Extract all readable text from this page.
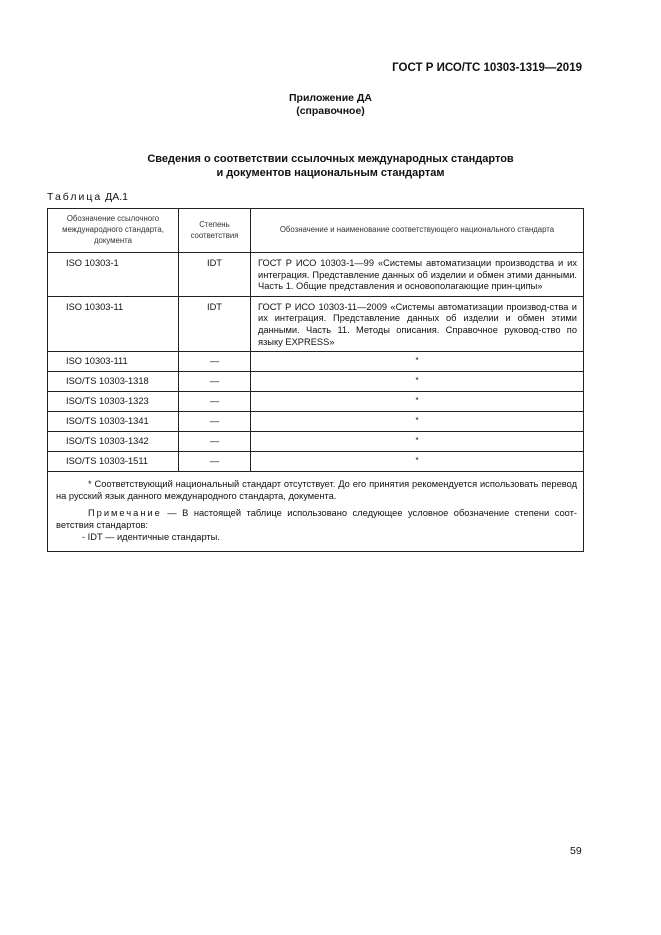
ГОСТ Р ИСО/ТС 10303-1319—2019
Приложение ДА
(справочное)
Сведения о соответствии ссылочных международных стандартов
и документов национальным стандартам
Таблица ДА.1
Обозначение ссылочного международного стандарта, документа	Степень соответствия	Обозначение и наименование соответствующего национального стандарта
ISO 10303-1	IDT	ГОСТ Р ИСО 10303-1—99 «Системы автоматизации производства и их интеграция. Представление данных об изделии и обмен этими данными. Часть 1. Общие представления и основополагающие прин-ципы»
ISO 10303-11	IDT	ГОСТ Р ИСО 10303-11—2009 «Системы автоматизации производ-ства и их интеграция. Представление данных об изделии и обмен этими данными. Часть 11. Методы описания. Справочное руковод-ство по языку EXPRESS»
ISO 10303-111	—	*
ISO/TS 10303-1318	—	*
ISO/TS 10303-1323	—	*
ISO/TS 10303-1341	—	*
ISO/TS 10303-1342	—	*
ISO/TS 10303-1511	—	*

* Соответствующий национальный стандарт отсутствует. До его принятия рекомендуется использовать перевод на русский язык данного международного стандарта, документа.

Примечание — В настоящей таблице использовано следующее условное обозначение степени соот-ветствия стандартов:

- IDT — идентичные стандарты.		

59
